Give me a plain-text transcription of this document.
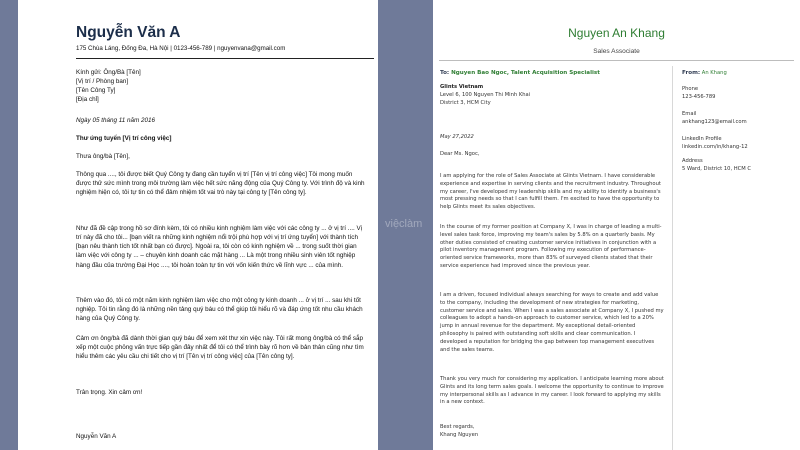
việclàm
Nguyễn Văn A
175 Chùa Láng, Đống Đa, Hà Nội | 0123-456-789 | nguyenvana@gmail.com

Kính gửi: Ông/Bà [Tên]

[Vị trí / Phòng ban]

[Tên Công Ty]

[Địa chỉ]

Ngày 05 tháng 11 năm 2016
Thư ứng tuyển [Vị trí công việc]
Thưa ông/bà [Tên],
Thông qua ...., tôi được biết Quý Công ty đang cần tuyển vị trí [Tên vị trí công việc] Tôi mong muốn được thử sức mình trong môi trường làm việc hết sức năng động của Quý Công ty. Với trình độ và kinh nghiệm hiện có, tôi tự tin có thể đảm nhiệm tốt vai trò này tại công ty [Tên công ty].
Như đã đề cập trong hồ sơ đính kèm, tôi có nhiều kinh nghiệm làm việc với các công ty ... ở vị trí .... Vị trí này đã cho tôi... [bạn viết ra những kinh nghiệm nổi trội phù hợp với vị trí ứng tuyển] với thành tích [bạn nêu thành tích tốt nhất bạn có được]. Ngoài ra, tôi còn có kinh nghiệm về ... trong suốt thời gian làm việc với công ty ... – chuyên kinh doanh các mặt hàng ... Là một trong nhiều sinh viên tốt nghiệp hàng đầu của trường Đại Học ...., tôi hoàn toàn tự tin với vốn kiến thức về lĩnh vực ... của mình.
Thêm vào đó, tôi có một năm kinh nghiệm làm việc cho một công ty kinh doanh ... ở vị trí ... sau khi tốt nghiệp. Tôi tin rằng đó là những nền tảng quý báu có thể giúp tôi hiểu rõ và đáp ứng tốt nhu cầu khách hàng của Quý Công ty.
Cảm ơn ông/bà đã dành thời gian quý báu để xem xét thư xin việc này. Tôi rất mong ông/bà có thể sắp xếp một cuộc phỏng vấn trực tiếp gần đây nhất để tôi có thể trình bày rõ hơn về bản thân cũng như tìm hiểu thêm các yêu cầu chi tiết cho vị trí [Tên vị trí công việc] của [Tên công ty].
Trân trọng. Xin cảm ơn!
Nguyễn Văn A
Nguyen An Khang
Sales Associate
To: Nguyen Bao Ngoc, Talent Acquisition Specialist

Glints Vietnam

Level 6, 100 Nguyen Thi Minh Khai

District 3, HCM City

May 27,2022
Dear Ms. Ngoc,
I am applying for the role of Sales Associate at Glints Vietnam. I have considerable experience and expertise in serving clients and the recruitment industry. Throughout my career, I've developed my leadership skills and my ability to identify a business's most pressing needs so that I can fulfill them. I'm excited to have the opportunity to help Glints meet its sales objectives.
In the course of my former position at Company X, I was in charge of leading a multi-level sales task force, improving my team's sales by 5.8% on a quarterly basis. My other duties consisted of creating customer service initiatives in conjunction with a pilot inventory management program. Following my execution of performance-oriented service frameworks, more than 83% of surveyed clients stated that their service experience had improved since the previous year.
I am a driven, focused individual always searching for ways to create and add value to the company, including the development of new strategies for marketing, customer service and sales. When I was a sales associate at Company X, I pushed my colleagues to adopt a hands-on approach to customer service, which led to a 20% jump in annual revenue for the department. My exceptional detail-oriented philosophy is paired with outstanding soft skills and clear communication. I developed a reputation for bridging the gap between top management executives and the sales teams.
Thank you very much for considering my application. I anticipate learning more about Glints and its long term sales goals. I welcome the opportunity to continue to improve my interpersonal skills as I advance in my career. I look forward to applying my skills in a new context.

Best regards,

Khang Nguyen

From: An Khang

Phone

123-456-789

Email

ankhang123@email.com

LinkedIn Profile

linkedin.com/in/khang-12

Address

5 Ward, District 10, HCM C
